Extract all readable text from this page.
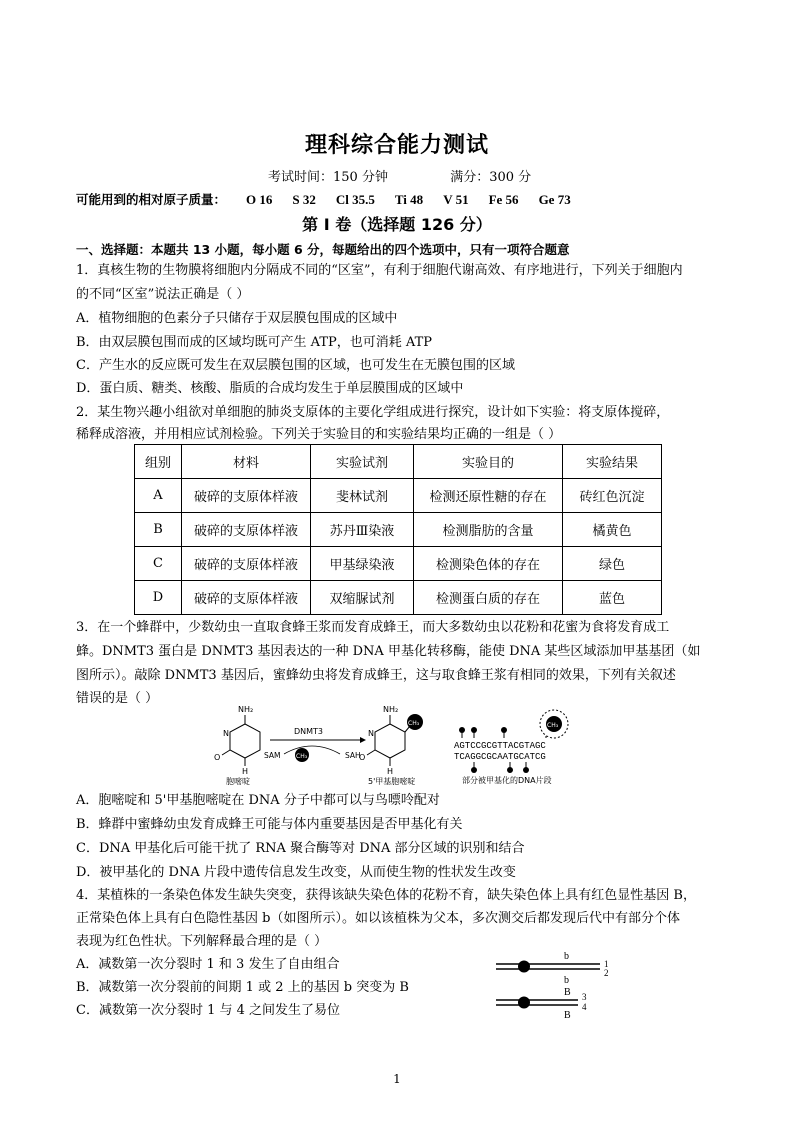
理科综合能力测试
考试时间：150 分钟	满分：300 分
可能用到的相对原子质量： O 16 S 32 Cl 35.5 Ti 48 V 51 Fe 56 Ge 73
第 I 卷（选择题 126 分）
一、选择题：本题共 13 小题，每小题 6 分，每题给出的四个选项中，只有一项符合题意
1．真核生物的生物膜将细胞内分隔成不同的“区室”，有利于细胞代谢高效、有序地进行，下列关于细胞内
的不同“区室”说法正确是（ ）
A．植物细胞的色素分子只储存于双层膜包围成的区域中
B．由双层膜包围而成的区域均既可产生 ATP，也可消耗 ATP
C．产生水的反应既可发生在双层膜包围的区域，也可发生在无膜包围的区域
D．蛋白质、糖类、核酸、脂质的合成均发生于单层膜围成的区域中
2．某生物兴趣小组欲对单细胞的肺炎支原体的主要化学组成进行探究，设计如下实验：将支原体搅碎，
稀释成溶液，并用相应试剂检验。下列关于实验目的和实验结果均正确的一组是（ ）
组别	材料	实验试剂	实验目的	实验结果
A	破碎的支原体样液	斐林试剂	检测还原性糖的存在	砖红色沉淀
B	破碎的支原体样液	苏丹Ⅲ染液	检测脂肪的含量	橘黄色
C	破碎的支原体样液	甲基绿染液	检测染色体的存在	绿色
D	破碎的支原体样液	双缩脲试剂	检测蛋白质的存在	蓝色
3．在一个蜂群中，少数幼虫一直取食蜂王浆而发育成蜂王，而大多数幼虫以花粉和花蜜为食将发育成工
蜂。DNMT3 蛋白是 DNMT3 基因表达的一种 DNA 甲基化转移酶，能使 DNA 某些区域添加甲基基团（如
图所示）。敲除 DNMT3 基因后，蜜蜂幼虫将发育成蜂王，这与取食蜂王浆有相同的效果，下列有关叙述
错误的是（ ）
NH₂
N
O
H
胞嘧啶
DNMT3
SAM	CH₃	SAH
NH₂
N
O
H
CH₃
5'甲基胞嘧啶
CH₃
AGTCCGCGTTACGTAGC
TCAGGCGCAATGCATCG
部分被甲基化的DNA片段
A．胞嘧啶和 5'甲基胞嘧啶在 DNA 分子中都可以与鸟嘌呤配对
B．蜂群中蜜蜂幼虫发育成蜂王可能与体内重要基因是否甲基化有关
C．DNA 甲基化后可能干扰了 RNA 聚合酶等对 DNA 部分区域的识别和结合
D．被甲基化的 DNA 片段中遗传信息发生改变，从而使生物的性状发生改变
4．某植株的一条染色体发生缺失突变，获得该缺失染色体的花粉不育，缺失染色体上具有红色显性基因 B，
正常染色体上具有白色隐性基因 b（如图所示）。如以该植株为父本，多次测交后都发现后代中有部分个体
表现为红色性状。下列解释最合理的是（ ）
A．减数第一次分裂时 1 和 3 发生了自由组合
B．减数第一次分裂前的间期 1 或 2 上的基因 b 突变为 B
C．减数第一次分裂时 1 与 4 之间发生了易位
b
1
2
b
B 3
4
B
1
